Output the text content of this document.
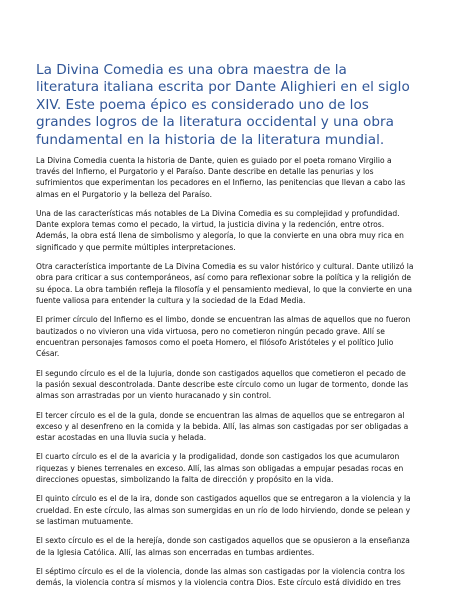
La Divina Comedia es una obra maestra de la literatura italiana escrita por Dante Alighieri en el siglo XIV. Este poema épico es considerado uno de los grandes logros de la literatura occidental y una obra fundamental en la historia de la literatura mundial.

La Divina Comedia cuenta la historia de Dante, quien es guiado por el poeta romano Virgilio a través del Infierno, el Purgatorio y el Paraíso. Dante describe en detalle las penurias y los sufrimientos que experimentan los pecadores en el Infierno, las penitencias que llevan a cabo las almas en el Purgatorio y la belleza del Paraíso.

Una de las características más notables de La Divina Comedia es su complejidad y profundidad. Dante explora temas como el pecado, la virtud, la justicia divina y la redención, entre otros. Además, la obra está llena de simbolismo y alegoría, lo que la convierte en una obra muy rica en significado y que permite múltiples interpretaciones.

Otra característica importante de La Divina Comedia es su valor histórico y cultural. Dante utilizó la obra para criticar a sus contemporáneos, así como para reflexionar sobre la política y la religión de su época. La obra también refleja la filosofía y el pensamiento medieval, lo que la convierte en una fuente valiosa para entender la cultura y la sociedad de la Edad Media.

El primer círculo del Infierno es el limbo, donde se encuentran las almas de aquellos que no fueron bautizados o no vivieron una vida virtuosa, pero no cometieron ningún pecado grave. Allí se encuentran personajes famosos como el poeta Homero, el filósofo Aristóteles y el político Julio César.

El segundo círculo es el de la lujuria, donde son castigados aquellos que cometieron el pecado de la pasión sexual descontrolada. Dante describe este círculo como un lugar de tormento, donde las almas son arrastradas por un viento huracanado y sin control.

El tercer círculo es el de la gula, donde se encuentran las almas de aquellos que se entregaron al exceso y al desenfreno en la comida y la bebida. Allí, las almas son castigadas por ser obligadas a estar acostadas en una lluvia sucia y helada.

El cuarto círculo es el de la avaricia y la prodigalidad, donde son castigados los que acumularon riquezas y bienes terrenales en exceso. Allí, las almas son obligadas a empujar pesadas rocas en direcciones opuestas, simbolizando la falta de dirección y propósito en la vida.

El quinto círculo es el de la ira, donde son castigados aquellos que se entregaron a la violencia y la crueldad. En este círculo, las almas son sumergidas en un río de lodo hirviendo, donde se pelean y se lastiman mutuamente.

El sexto círculo es el de la herejía, donde son castigados aquellos que se opusieron a la enseñanza de la Iglesia Católica. Allí, las almas son encerradas en tumbas ardientes.

El séptimo círculo es el de la violencia, donde las almas son castigadas por la violencia contra los demás, la violencia contra sí mismos y la violencia contra Dios. Este círculo está dividido en tres
